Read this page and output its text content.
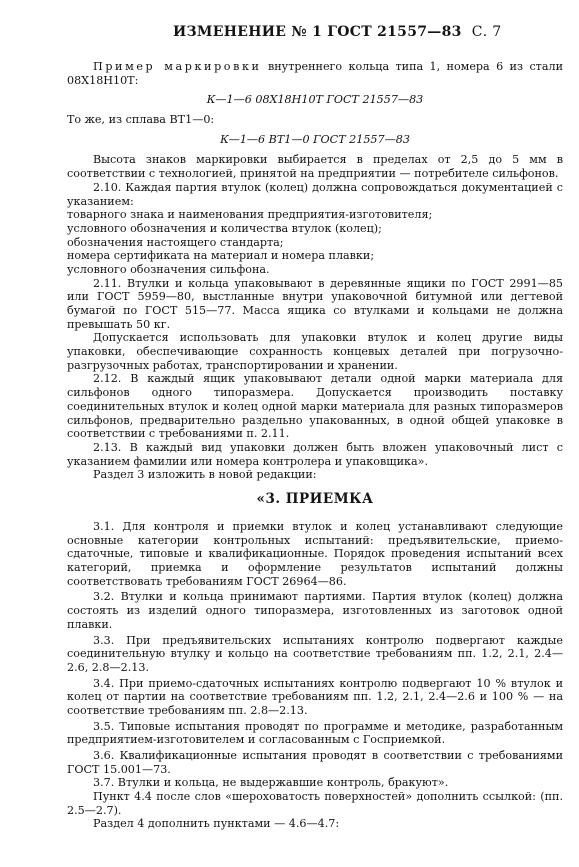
ИЗМЕНЕНИЕ № 1 ГОСТ 21557—83 С. 7

Пример маркировки внутреннего кольца типа 1, номера 6 из стали 08Х18Н10Т:

К—1—6 08Х18Н10Т ГОСТ 21557—83

То же, из сплава ВТ1—0:

К—1—6 ВТ1—0 ГОСТ 21557—83

Высота знаков маркировки выбирается в пределах от 2,5 до 5 мм в соответствии с технологией, принятой на предприятии — потребителе сильфонов.

2.10. Каждая партия втулок (колец) должна сопровождаться документацией с указанием:

товарного знака и наименования предприятия-изготовителя;

условного обозначения и количества втулок (колец);

обозначения настоящего стандарта;

номера сертификата на материал и номера плавки;

условного обозначения сильфона.

2.11. Втулки и кольца упаковывают в деревянные ящики по ГОСТ 2991—85 или ГОСТ 5959—80, выстланные внутри упаковочной битумной или дегтевой бумагой по ГОСТ 515—77. Масса ящика со втулками и кольцами не должна превышать 50 кг.

Допускается использовать для упаковки втулок и колец другие виды упаковки, обеспечивающие сохранность концевых деталей при погрузочно-разгрузочных работах, транспортировании и хранении.

2.12. В каждый ящик упаковывают детали одной марки материала для сильфонов одного типоразмера. Допускается производить поставку соединительных втулок и колец одной марки материала для разных типоразмеров сильфонов, предварительно раздельно упакованных, в одной общей упаковке в соответствии с требованиями п. 2.11.

2.13. В каждый вид упаковки должен быть вложен упаковочный лист с указанием фамилии или номера контролера и упаковщика».

Раздел 3 изложить в новой редакции:

«3. ПРИЕМКА

3.1. Для контроля и приемки втулок и колец устанавливают следующие основные категории контрольных испытаний: предъявительские, приемо-сдаточные, типовые и квалификационные. Порядок проведения испытаний всех категорий, приемка и оформление результатов испытаний должны соответствовать требованиям ГОСТ 26964—86.

3.2. Втулки и кольца принимают партиями. Партия втулок (колец) должна состоять из изделий одного типоразмера, изготовленных из заготовок одной плавки.

3.3. При предъявительских испытаниях контролю подвергают каждые соединительную втулку и кольцо на соответствие требованиям пп. 1.2, 2.1, 2.4—2.6, 2.8—2.13.

3.4. При приемо-сдаточных испытаниях контролю подвергают 10 % втулок и колец от партии на соответствие требованиям пп. 1.2, 2.1, 2.4—2.6 и 100 % — на соответствие требованиям пп. 2.8—2.13.

3.5. Типовые испытания проводят по программе и методике, разработанным предприятием-изготовителем и согласованным с Госприемкой.

3.6. Квалификационные испытания проводят в соответствии с требованиями ГОСТ 15.001—73.

3.7. Втулки и кольца, не выдержавшие контроль, бракуют».

Пункт 4.4 после слов «шероховатость поверхностей» дополнить ссылкой: (пп. 2.5—2.7).

Раздел 4 дополнить пунктами — 4.6—4.7:
